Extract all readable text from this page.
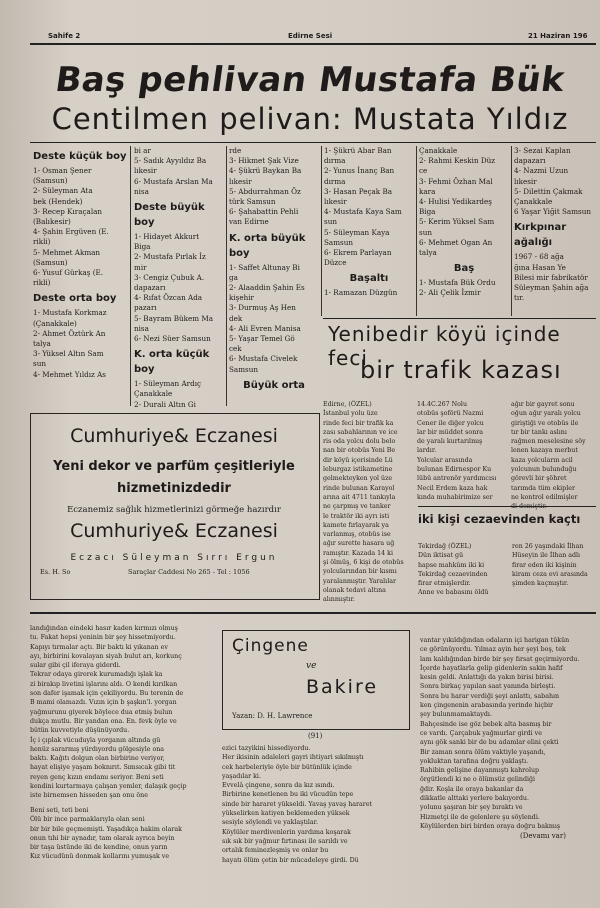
Sahife 2	Edirne Sesi	21 Haziran 196
Baş pehlivan Mustafa Bük
Centilmen pelivan: Mustata Yıldız
Deste küçük boy
1- Osman Şener
(Samsun)
2- Süleyman Ata
bek (Hendek)
3- Recep Kıraçalan
(Balıkesir)
4- Şahin Ergüven (E.
rikli)
5- Mehmet Akman
(Samsun)
6- Yusuf Gürkaş (E.
rikli)
Deste orta boy
1- Mustafa Korkmaz
(Çanakkale)
2- Ahmet Öztürk An
talya
3- Yüksel Altın Sam
sun
4- Mehmet Yıldız As
bi ar
5- Sadık Ayyıldız Ba
lıkesir
6- Mustafa Arslan Ma
nisa
Deste büyük boy
1- Hidayet Akkurt
Biga
2- Mustafa Pırlak İz
mir
3- Cengiz Çubuk A.
dapazarı
4- Rıfat Özcan Ada
pazarı
5- Bayram Bükem Ma
nisa
6- Nezi Süer Samsun
K. orta küçük boy
1- Süleyman Ardıç
Çanakkale
2- Durali Altın Gi
rde
3- Hikmet Şak Vize
4- Şükrü Baykan Ba
lıkesir
5- Abdurrahman Öz
türk Samsun
6- Şahabattin Pehli
van Edirne
K. orta büyük boy
1- Saffet Altunay Bi
ga
2- Alaaddin Şahin Es
kişehir
3- Durmuş Aş Hen
dek
4- Ali Evren Manisa
5- Yaşar Temel Gö
cek
6- Mustafa Civelek
Samsun
Büyük orta
1- Şükrü Abar Ban
dırma
2- Yunus İnanç Ban
dırma
3- Hasan Peçak Ba
lıkesir
4- Mustafa Kaya Sam
sun
5- Süleyman Kaya
Samsun
6- Ekrem Parlayan
Düzce
Başaltı
1- Ramazan Düzgün
Çanakkale
2- Rahmi Keskin Düz
ce
3- Fehmi Özhan Mal
kara
4- Hulisi Yedikardeş
Biga
5- Kerim Yüksel Sam
sun
6- Mehmet Ogan An
talya
Baş
1- Mustafa Bük Ordu
2- Ali Çelik İzmir
3- Sezai Kaplan
dapazarı
4- Nazmi Uzun
lıkesir
5- Dilettin Çakmak
Çanakkale
6 Yaşar Yiğit Samsun
Kırkpınar ağalığı
1967 - 68 ağa
ğına Hasan Ye
Bilesi mir fabrikatör
Süleyman Şahin ağa
tır.
Yenibedir köyü içinde feci
bir trafik kazası
Edirne, (ÖZEL)
İstanbul yolu üze
rinde feci bir trafik ka
zası sabahlarının ve ice
ris oda yolcu dolu belo
nan bir otobüs Yeni Be
dir köyü içerisinde Lü
leburgaz istikametine
gelmekteyken yol üze
rinde bulunan Karayol
arına ait 4711 tankıyla
ne çarpmış ve tanker
le traktör iki ayrı isti
kamete fırlayarak ya
varlanmış, otobüs ise
ağır surette hasara uğ
ramıştır. Kazada 14 ki
şi ölmüş, 6 kişi de otobüs
yolcularından bir kısmı
yaralanmıştır. Yaralılar
olanak tedavi altına
alınmıştır.
14.4C.267 Nolu
otobüs şoförü Nazmi
Cener ile diğer yolcu
lar bir müddet sonra
de yaralı kurtarılmış
lardır.
Yolcular arasında
bulunan Edirnespor Ku
lübü antrenör yardımcısı
Necil Erdem kaza hak
kında muhabirimize ser
ağır bir gayret sonu
oğun ağır yaralı yolcu
giriştiği ve otobüs ile
tır bir tankı aslını
rağmen meselesine söy
lenen kazaya merbut
kaza yolcuların acil
yolcunun bulunduğu
görevli bir şöhret
tarımda tüm ekipler
ne kontrol edilmişler
iki kişi cezaevinden kaçtı
Tekirdağ (ÖZEL)
Dün iktisat gü
hapse mahkûm iki ki
Tekirdağ cezaevinden
firar etmişlerdir.
Anne ve babasını öldü
ren 26 yaşındaki İlhan
Hüseyin ile İlhan adlı
firar eden iki kişinin
kiram ceza evi arasında
şimden kaçmıştır.
Cumhuriye& Eczanesi
Yeni dekor ve parfüm çeşitleriyle
hizmetinizdedir
Eczanemiz sağlık hizmetlerinizi görmeğe hazırdır
Cumhuriye& Eczanesi
Eczacı Süleyman Sırrı Ergun
Es. H. So	Saraçlar Caddesi No 265 - Tel : 1056
landığından eindeki hasır kaden kırmızı olmuş
tu. Fakat hepsi yeninin bir şey hissetmiyordu.
Kapıyı tırmalar açtı. Bir baktı ki yıkanan ev
ayı, birbirini kovalayan siyah bulut arı, korkunç
sular gibi çil iferaya giderdi.
Tekrar odaya girerek kurumadığı işlak ka
zi birakıp livetini işlarını aldı. O kendi kırılkan
son dafer işamak için çekiliyordu. Bu terenin de
B mami olamazdı. Vızın için b şaşkın'l. yorgan
yağmurunu giyerek böylece dua etmiş bulun
dukça mutlu. Bir yandan ona. En. fevk öyle ve
bütün kuvvetiyle düşünüyordu.
İç i çıplak vücuduyla yorganın altında gü
henüz sararmış yürdıyordu gölgesiyle ona
baktı. Kağıtı dolgun olan birbirine veriyor,
hayat elişiye yaşam boknırıt. Sımsıcak gibi tit
reyen genç kızın endamı seriyor. Beni seti
kendini kurtarmaya çalışan yemler, dalaşık geçip
iste birnemsen hisseden şan onu öne
Beni seti, teti beni
Ölü bir ince parmaklarıyla olan seni
bir bir bile geçmemişti. Yaşadıkça hakim olarak
onun tıhi bir aynadır, tam olarak ayrıca beyin
bir taşa üstünde iki de kendine, onun yarın
Kız vücudünü donmak kollarını yumuşak ve
Çingene
ve
Bakire
Yazan: D. H. Lawrence
(91)
ezici tazyikini hissediyordu.
Her ikisinin adaleleri gayri ihtiyari sıkılmıştı
cek harbeleriyle öyle bir bütünlük içinde
yaşadılar ki.
Evvelâ çingene, sonra da kız ısındı.
Birbirine kenetlenen bu iki vücudün tepe
sinde bir hararet yükseldi. Yavaş yavaş hararet
yükselirken katiyen beklemeden yüksek
sesiyle söylendi ve yaklaştılar.
Köylüler merdivenlerin yardıma koşarak
sık sık bir yağmur fırtınası ile sarıldı ve
ortalık feminezleşmiş ve onlar bu
hayatı ölüm çetin bir mücadeleye girdi. Dü
vantar yıkıldığından odaların içi harigan tükün
ce görünüyordu. Yılmaz ayin her şeyi boş, tek
lam kaldığından birde bir şey fırsat geçirmiyordu.
İçerde hayatlarla gelip gidenlerin sakin hafif
kesin geldi. Anlattığı da yakın birisi birisi.
Sonra birkaç yapılan saat yanında birleşti.
Sonra bu harar verdiği şeyi anlattı, sabahın
ken çingenenin arabasında yerinde hiçbir
şey bulunmamaktaydı.
Bahçesinde ise göz bebek alta basmış bir
ce vardı. Çarçabuk yağmurlar girdi ve
aynı gök sanki bir de bu adamlar elini çekti
Bir zaman sonra ölüm vaktiyle yaşandı,
yokluktan tarafına doğru yaklaştı.
Rahibin gelişine dayanmıştı kahrolup
örgütlendi ki ne o ölümsüz gelindiği
ğdir. Koşla ile oraya bakanlar da
dikkatle alttaki yerlere bakıyordu.
yolunu şaşıran bir şey bıraktı ve
Hizmetçi ile de gelenlere şu söylendi.
Köylülerden biri birden oraya doğru bakmış
(Devamı var)
